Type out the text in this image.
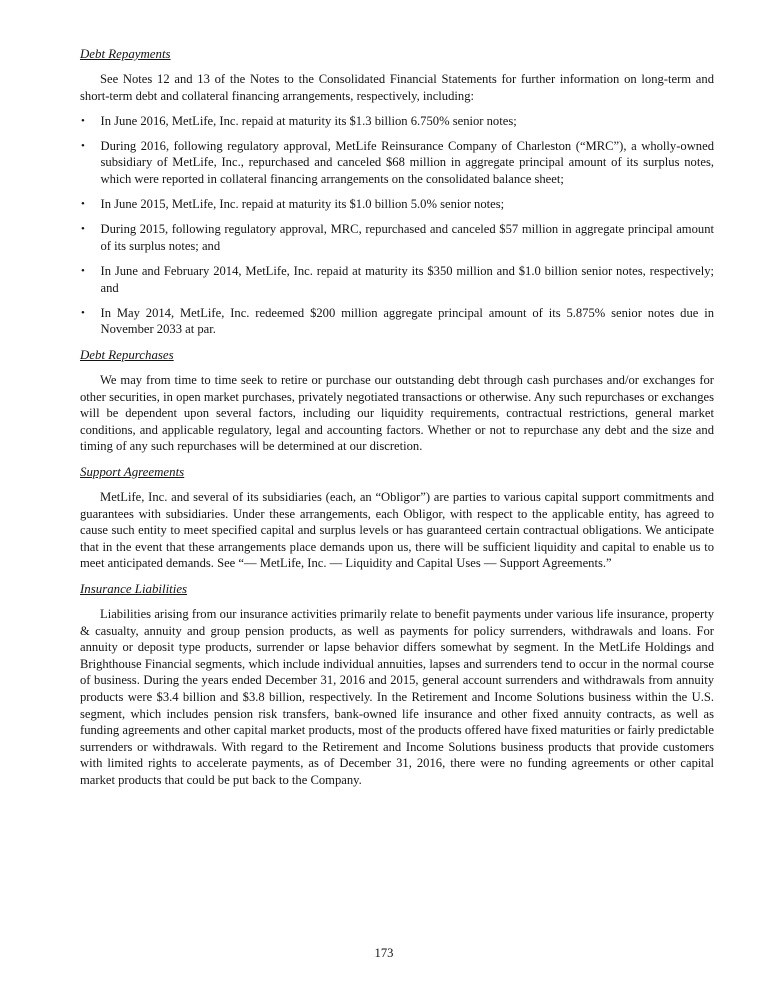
Debt Repayments

See Notes 12 and 13 of the Notes to the Consolidated Financial Statements for further information on long-term and short-term debt and collateral financing arrangements, respectively, including:

• In June 2016, MetLife, Inc. repaid at maturity its $1.3 billion 6.750% senior notes;
• During 2016, following regulatory approval, MetLife Reinsurance Company of Charleston (“MRC”), a wholly-owned subsidiary of MetLife, Inc., repurchased and canceled $68 million in aggregate principal amount of its surplus notes, which were reported in collateral financing arrangements on the consolidated balance sheet;
• In June 2015, MetLife, Inc. repaid at maturity its $1.0 billion 5.0% senior notes;
• During 2015, following regulatory approval, MRC, repurchased and canceled $57 million in aggregate principal amount of its surplus notes; and
• In June and February 2014, MetLife, Inc. repaid at maturity its $350 million and $1.0 billion senior notes, respectively; and
• In May 2014, MetLife, Inc. redeemed $200 million aggregate principal amount of its 5.875% senior notes due in November 2033 at par.
Debt Repurchases

We may from time to time seek to retire or purchase our outstanding debt through cash purchases and/or exchanges for other securities, in open market purchases, privately negotiated transactions or otherwise. Any such repurchases or exchanges will be dependent upon several factors, including our liquidity requirements, contractual restrictions, general market conditions, and applicable regulatory, legal and accounting factors. Whether or not to repurchase any debt and the size and timing of any such repurchases will be determined at our discretion.

Support Agreements

MetLife, Inc. and several of its subsidiaries (each, an “Obligor”) are parties to various capital support commitments and guarantees with subsidiaries. Under these arrangements, each Obligor, with respect to the applicable entity, has agreed to cause such entity to meet specified capital and surplus levels or has guaranteed certain contractual obligations. We anticipate that in the event that these arrangements place demands upon us, there will be sufficient liquidity and capital to enable us to meet anticipated demands. See “— MetLife, Inc. — Liquidity and Capital Uses — Support Agreements.”

Insurance Liabilities

Liabilities arising from our insurance activities primarily relate to benefit payments under various life insurance, property & casualty, annuity and group pension products, as well as payments for policy surrenders, withdrawals and loans. For annuity or deposit type products, surrender or lapse behavior differs somewhat by segment. In the MetLife Holdings and Brighthouse Financial segments, which include individual annuities, lapses and surrenders tend to occur in the normal course of business. During the years ended December 31, 2016 and 2015, general account surrenders and withdrawals from annuity products were $3.4 billion and $3.8 billion, respectively. In the Retirement and Income Solutions business within the U.S. segment, which includes pension risk transfers, bank-owned life insurance and other fixed annuity contracts, as well as funding agreements and other capital market products, most of the products offered have fixed maturities or fairly predictable surrenders or withdrawals. With regard to the Retirement and Income Solutions business products that provide customers with limited rights to accelerate payments, as of December 31, 2016, there were no funding agreements or other capital market products that could be put back to the Company.

173
